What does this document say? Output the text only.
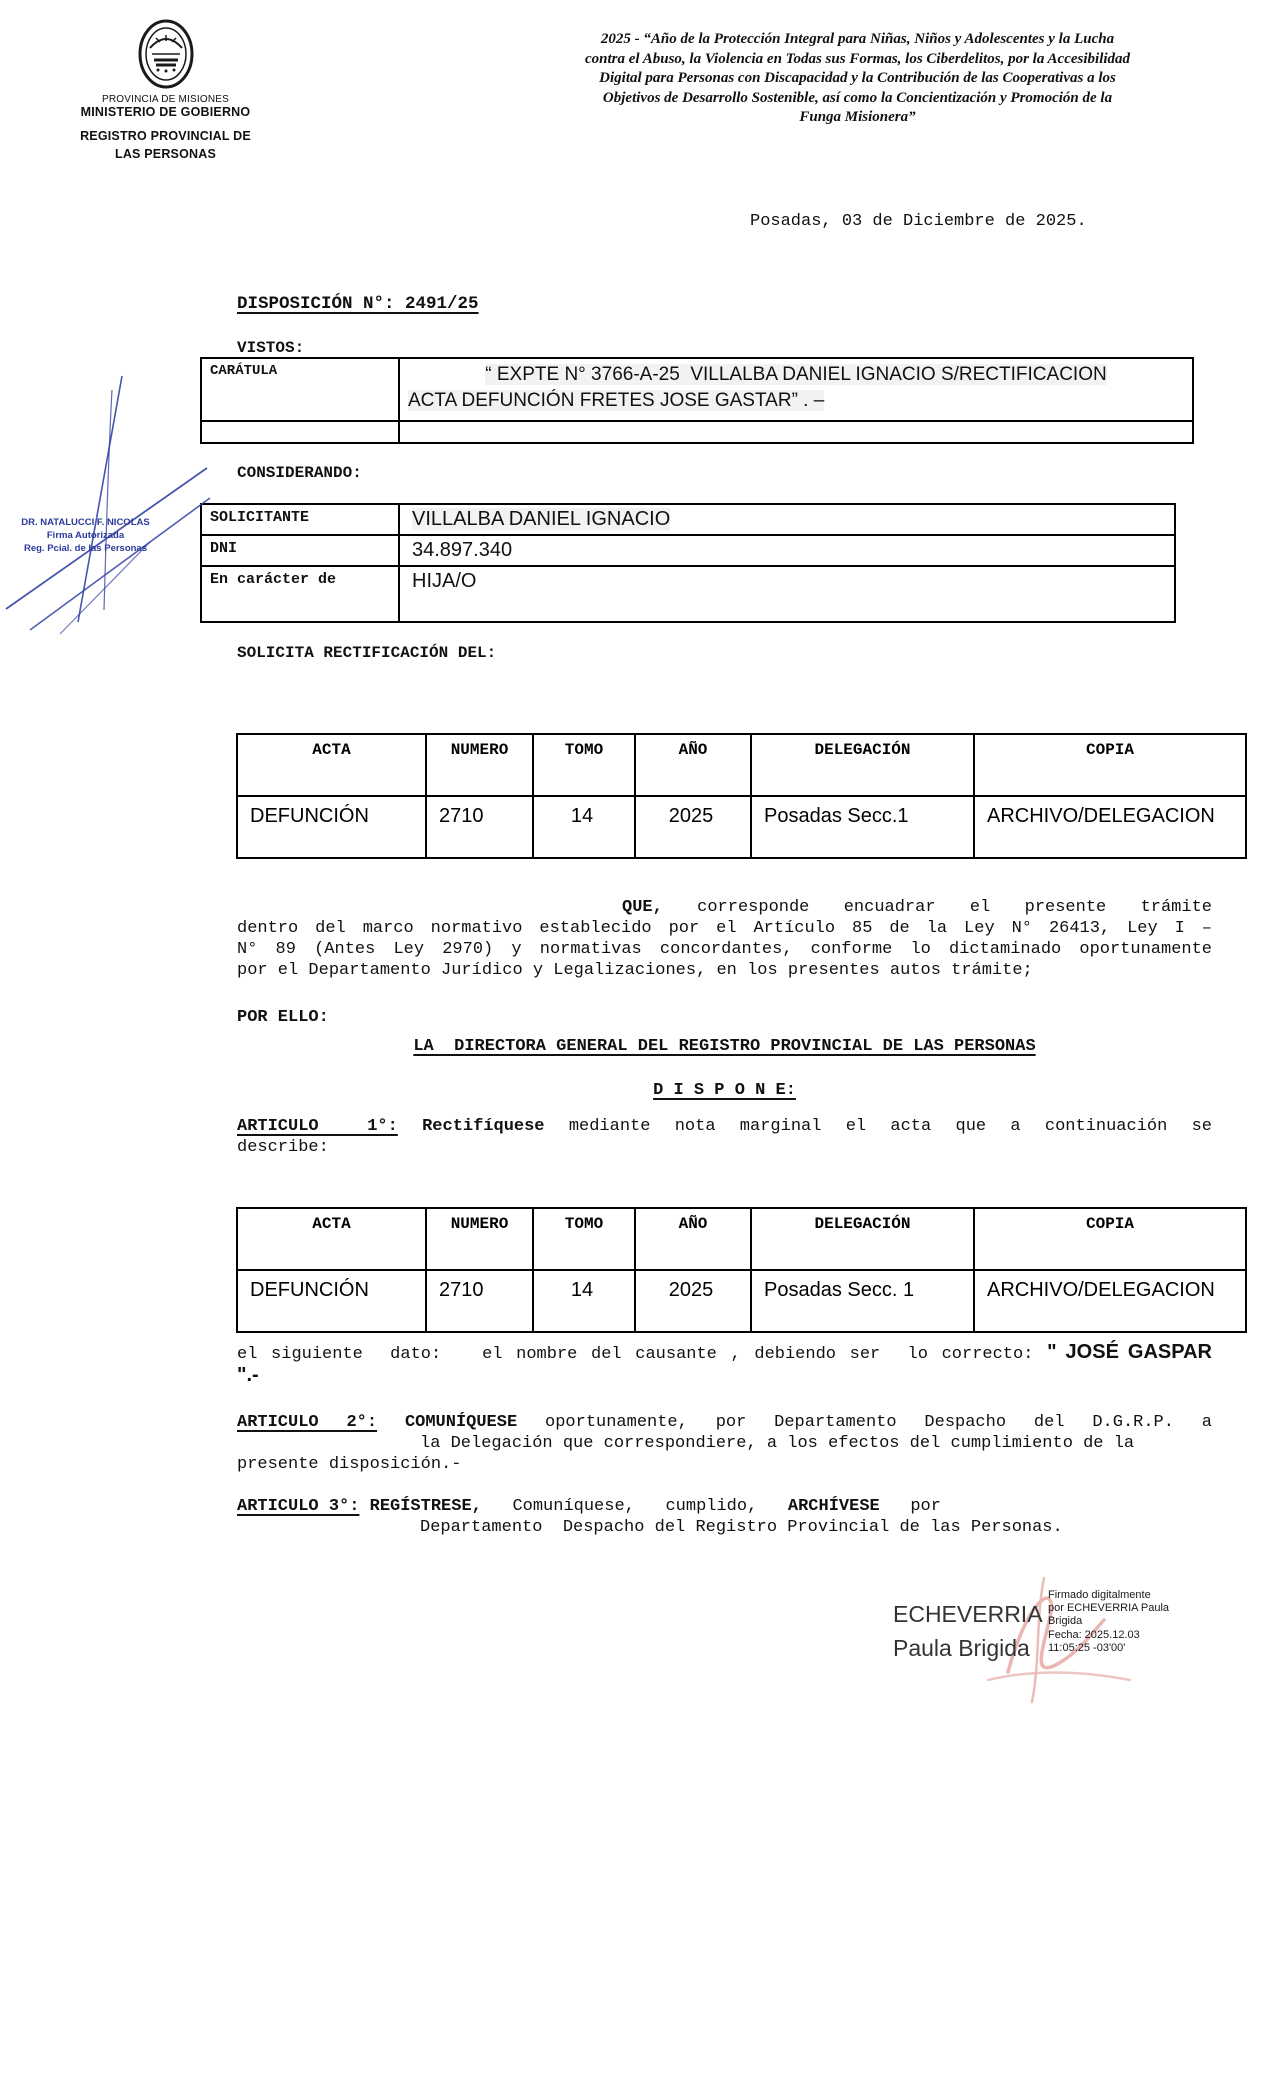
PROVINCIA DE MISIONES
MINISTERIO DE GOBIERNO
REGISTRO PROVINCIAL DE
LAS PERSONAS
2025 - “Año de la Protección Integral para Niñas, Niños y Adolescentes y la Lucha
contra el Abuso, la Violencia en Todas sus Formas, los Ciberdelitos, por la Accesibilidad
Digital para Personas con Discapacidad y la Contribución de las Cooperativas a los
Objetivos de Desarrollo Sostenible, así como la Concientización y Promoción de la
Funga Misionera”
Posadas, 03 de Diciembre de 2025.
DISPOSICIÓN N°: 2491/25
VISTOS:
CARÁTULA	“ EXPTE N° 3766-A-25  VILLALBA DANIEL IGNACIO S/RECTIFICACION
ACTA DEFUNCIÓN FRETES JOSE GASTAR” . –
CONSIDERANDO:
SOLICITANTE	VILLALBA DANIEL IGNACIO
DNI	34.897.340
En carácter de	HIJA/O
SOLICITA RECTIFICACIÓN DEL:
ACTA	NUMERO	TOMO	AÑO	DELEGACIÓN	COPIA
DEFUNCIÓN	2710	14	2025	Posadas Secc.1	ARCHIVO/DELEGACION
QUE, corresponde encuadrar el presente trámite
dentro del marco normativo establecido por el Artículo 85 de la Ley N° 26413, Ley I –
N° 89 (Antes Ley 2970) y normativas concordantes, conforme lo dictaminado oportunamente
por el Departamento Jurídico y Legalizaciones, en los presentes autos trámite;
POR ELLO:
LA  DIRECTORA GENERAL DEL REGISTRO PROVINCIAL DE LAS PERSONAS
D I S P O N E:
ARTICULO  1°: Rectifíquese mediante nota marginal el acta que a continuación se
describe:
ACTA	NUMERO	TOMO	AÑO	DELEGACIÓN	COPIA
DEFUNCIÓN	2710	14	2025	Posadas Secc. 1	ARCHIVO/DELEGACION
el siguiente  dato:   el nombre del causante , debiendo ser  lo correcto: " JOSÉ GASPAR
".-
ARTICULO 2°: COMUNÍQUESE oportunamente, por Departamento Despacho del D.G.R.P. a
la Delegación que correspondiere, a los efectos del cumplimiento de la
presente disposición.-
ARTICULO 3°: REGÍSTRESE,   Comuníquese,   cumplido,   ARCHÍVESE   por
Departamento  Despacho del Registro Provincial de las Personas.
DR. NATALUCCI F. NICOLAS
Firma Autorizada
Reg. Pcial. de las Personas
ECHEVERRIA
Paula Brigida
Firmado digitalmente
por ECHEVERRIA Paula
Brigida
Fecha: 2025.12.03
11:05:25 -03'00'
